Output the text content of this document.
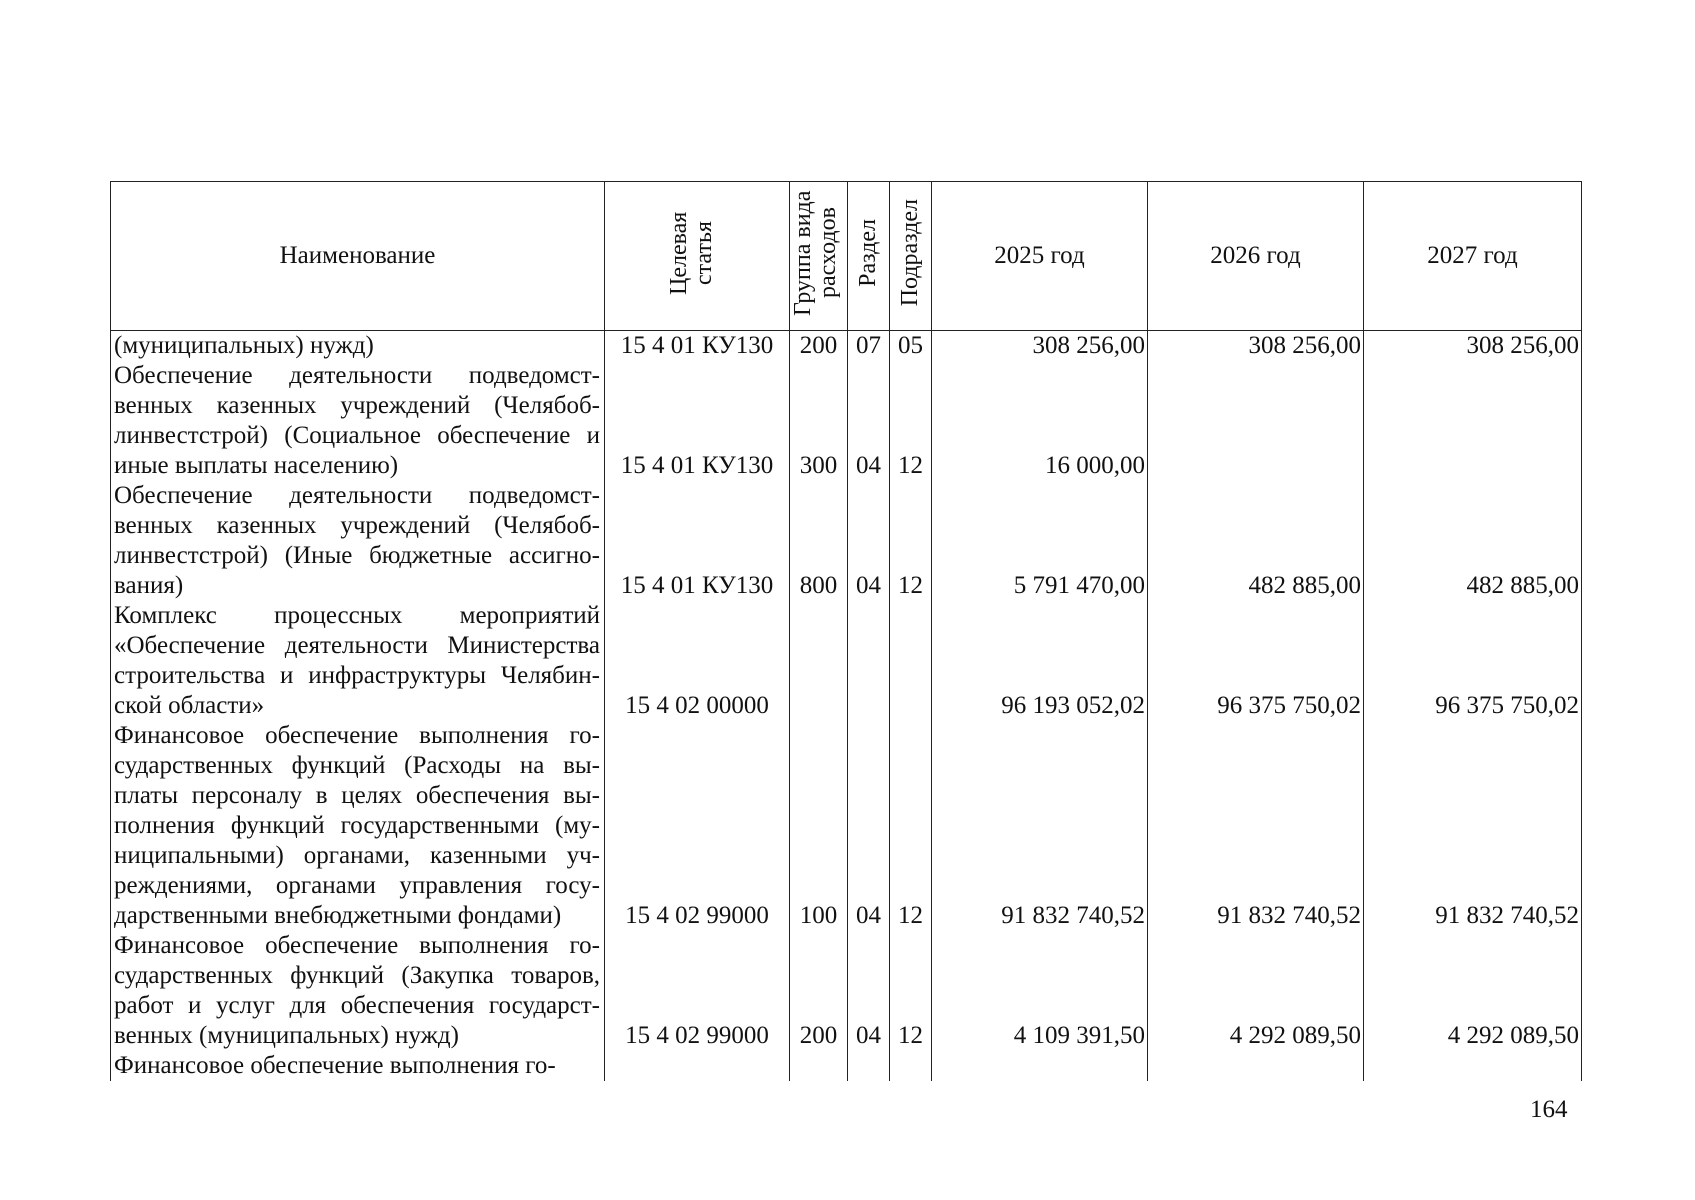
Наименование	Целевая статья	Группа вида расходов	Раздел	Подраздел	2025 год	2026 год	2027 год
(муниципальных) нужд)	15 4 01 КУ130	200	07	05	308 256,00	308 256,00	308 256,00
Обеспечение деятельности подведомст-венных казенных учреждений (Челябоб-линвестстрой) (Социальное обеспечение и иные выплаты населению)	15 4 01 КУ130	300	04	12	16 000,00		
Обеспечение деятельности подведомст-венных казенных учреждений (Челябоб-линвестстрой) (Иные бюджетные ассигно-вания)	15 4 01 КУ130	800	04	12	5 791 470,00	482 885,00	482 885,00
Комплекс процессных мероприятий «Обеспечение деятельности Министерства строительства и инфраструктуры Челябин-ской области»	15 4 02 00000				96 193 052,02	96 375 750,02	96 375 750,02
Финансовое обеспечение выполнения го-сударственных функций (Расходы на вы-платы персоналу в целях обеспечения вы-полнения функций государственными (му-ниципальными) органами, казенными уч-реждениями, органами управления госу-дарственными внебюджетными фондами)	15 4 02 99000	100	04	12	91 832 740,52	91 832 740,52	91 832 740,52
Финансовое обеспечение выполнения го-сударственных функций (Закупка товаров, работ и услуг для обеспечения государст-венных (муниципальных) нужд)	15 4 02 99000	200	04	12	4 109 391,50	4 292 089,50	4 292 089,50
Финансовое обеспечение выполнения го-							
164
